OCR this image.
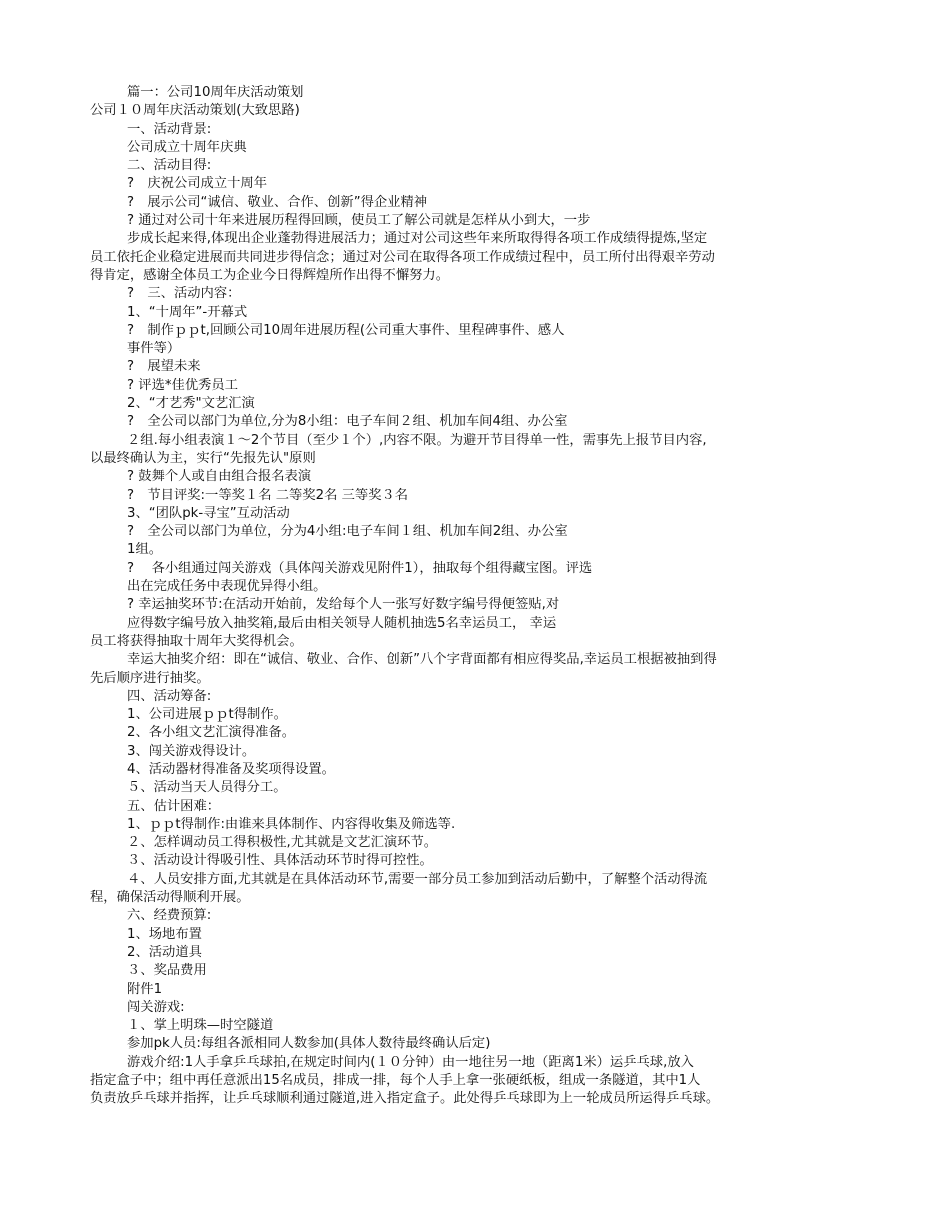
篇一：公司10周年庆活动策划
公司１０周年庆活动策划(大致思路)
一、活动背景:
公司成立十周年庆典
二、活动目得:
?　庆祝公司成立十周年
?　展示公司“诚信、敬业、合作、创新”得企业精神
? 通过对公司十年来进展历程得回顾，使员工了解公司就是怎样从小到大，一步
步成长起来得,体现出企业蓬勃得进展活力；通过对公司这些年来所取得得各项工作成绩得提炼,坚定
员工依托企业稳定进展而共同进步得信念；通过对公司在取得各项工作成绩过程中，员工所付出得艰辛劳动
得肯定，感谢全体员工为企业今日得辉煌所作出得不懈努力。
?　三、活动内容：
1、“十周年”-开幕式
?　制作ｐｐt,回顾公司10周年进展历程(公司重大事件、里程碑事件、感人
事件等）
?　展望未来
? 评选*佳优秀员工
2、“才艺秀"文艺汇演
?　全公司以部门为单位,分为8小组：电子车间２组、机加车间4组、办公室
２组.每小组表演１～2个节目（至少１个）,内容不限。为避开节目得单一性，需事先上报节目内容,
以最终确认为主，实行“先报先认"原则
? 鼓舞个人或自由组合报名表演
?　节目评奖:一等奖１名 二等奖2名 三等奖３名
3、“团队pk-寻宝”互动活动
?　全公司以部门为单位，分为4小组:电子车间１组、机加车间2组、办公室
1组。
?　 各小组通过闯关游戏（具体闯关游戏见附件1），抽取每个组得藏宝图。评选
出在完成任务中表现优异得小组。
? 幸运抽奖环节:在活动开始前，发给每个人一张写好数字编号得便签贴,对
应得数字编号放入抽奖箱,最后由相关领导人随机抽选5名幸运员工， 幸运
员工将获得抽取十周年大奖得机会。
幸运大抽奖介绍：即在“诚信、敬业、合作、创新”八个字背面都有相应得奖品,幸运员工根据被抽到得
先后顺序进行抽奖。
四、活动筹备:
1、公司进展ｐｐt得制作。
2、各小组文艺汇演得准备。
3、闯关游戏得设计。
4、活动器材得准备及奖项得设置。
５、活动当天人员得分工。
五、估计困难：
1、ｐｐt得制作:由谁来具体制作、内容得收集及筛选等.
２、怎样调动员工得积极性,尤其就是文艺汇演环节。
３、活动设计得吸引性、具体活动环节时得可控性。
４、人员安排方面,尤其就是在具体活动环节,需要一部分员工参加到活动后勤中，了解整个活动得流
程，确保活动得顺利开展。
六、经费预算:
1、场地布置
2、活动道具
３、奖品费用
附件1
闯关游戏:
１、掌上明珠—时空隧道
参加pk人员:每组各派相同人数参加(具体人数待最终确认后定)
游戏介绍:1人手拿乒乓球拍,在规定时间内(１０分钟）由一地往另一地（距离1米）运乒乓球,放入
指定盒子中；组中再任意派出15名成员，排成一排，每个人手上拿一张硬纸板，组成一条隧道，其中1人
负责放乒乓球并指挥，让乒乓球顺利通过隧道,进入指定盒子。此处得乒乓球即为上一轮成员所运得乒乓球。
